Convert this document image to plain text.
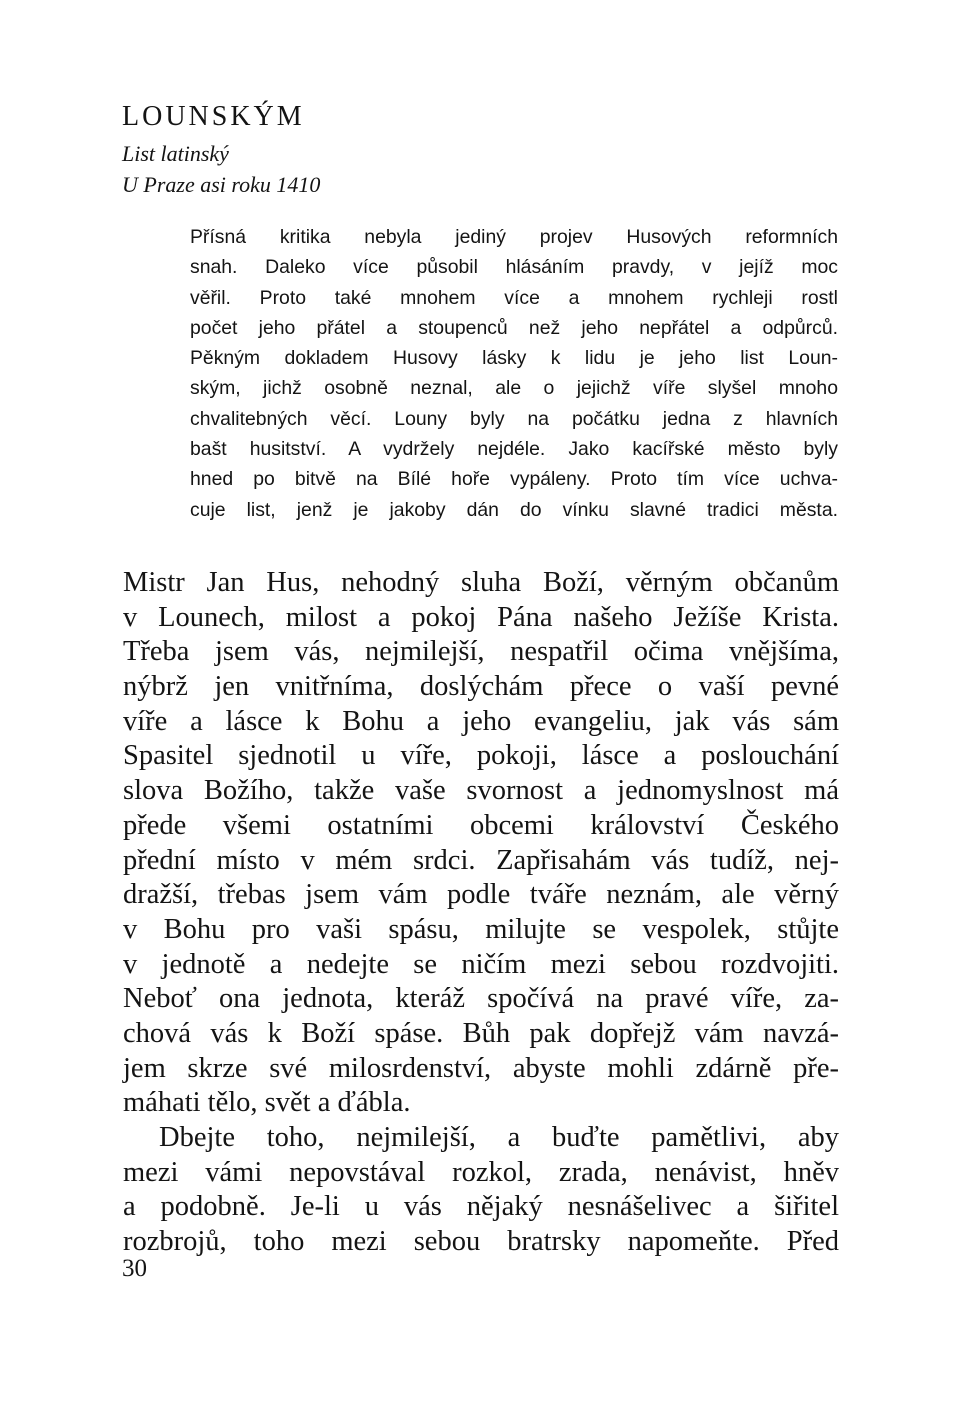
LOUNSKÝM

List latinský

U Praze asi roku 1410

Přísná kritika nebyla jediný projev Husových reformních
snah. Daleko více působil hlásáním pravdy, v jejíž moc
věřil. Proto také mnohem více a mnohem rychleji rostl
počet jeho přátel a stoupenců než jeho nepřátel a odpůrců.
Pěkným dokladem Husovy lásky k lidu je jeho list Loun-
ským, jichž osobně neznal, ale o jejichž víře slyšel mnoho
chvalitebných věcí. Louny byly na počátku jedna z hlavních
bašt husitství. A vydržely nejdéle. Jako kacířské město byly
hned po bitvě na Bílé hoře vypáleny. Proto tím více uchva-
cuje list, jenž je jakoby dán do vínku slavné tradici města.
Mistr Jan Hus, nehodný sluha Boží, věrným občanům
v Lounech, milost a pokoj Pána našeho Ježíše Krista.
Třeba jsem vás, nejmilejší, nespatřil očima vnějšíma,
nýbrž jen vnitřníma, doslýchám přece o vaší pevné
víře a lásce k Bohu a jeho evangeliu, jak vás sám
Spasitel sjednotil u víře, pokoji, lásce a poslouchání
slova Božího, takže vaše svornost a jednomyslnost má
přede všemi ostatními obcemi království Českého
přední místo v mém srdci. Zapřisahám vás tudíž, nej-
dražší, třebas jsem vám podle tváře neznám, ale věrný
v Bohu pro vaši spásu, milujte se vespolek, stůjte
v jednotě a nedejte se ničím mezi sebou rozdvojiti.
Neboť ona jednota, kteráž spočívá na pravé víře, za-
chová vás k Boží spáse. Bůh pak dopřejž vám navzá-
jem skrze své milosrdenství, abyste mohli zdárně pře-
máhati tělo, svět a ďábla.
Dbejte toho, nejmilejší, a buďte pamětlivi, aby
mezi vámi nepovstával rozkol, zrada, nenávist, hněv
a podobně. Je-li u vás nějaký nesnášelivec a šiřitel
rozbrojů, toho mezi sebou bratrsky napomeňte. Před

30
